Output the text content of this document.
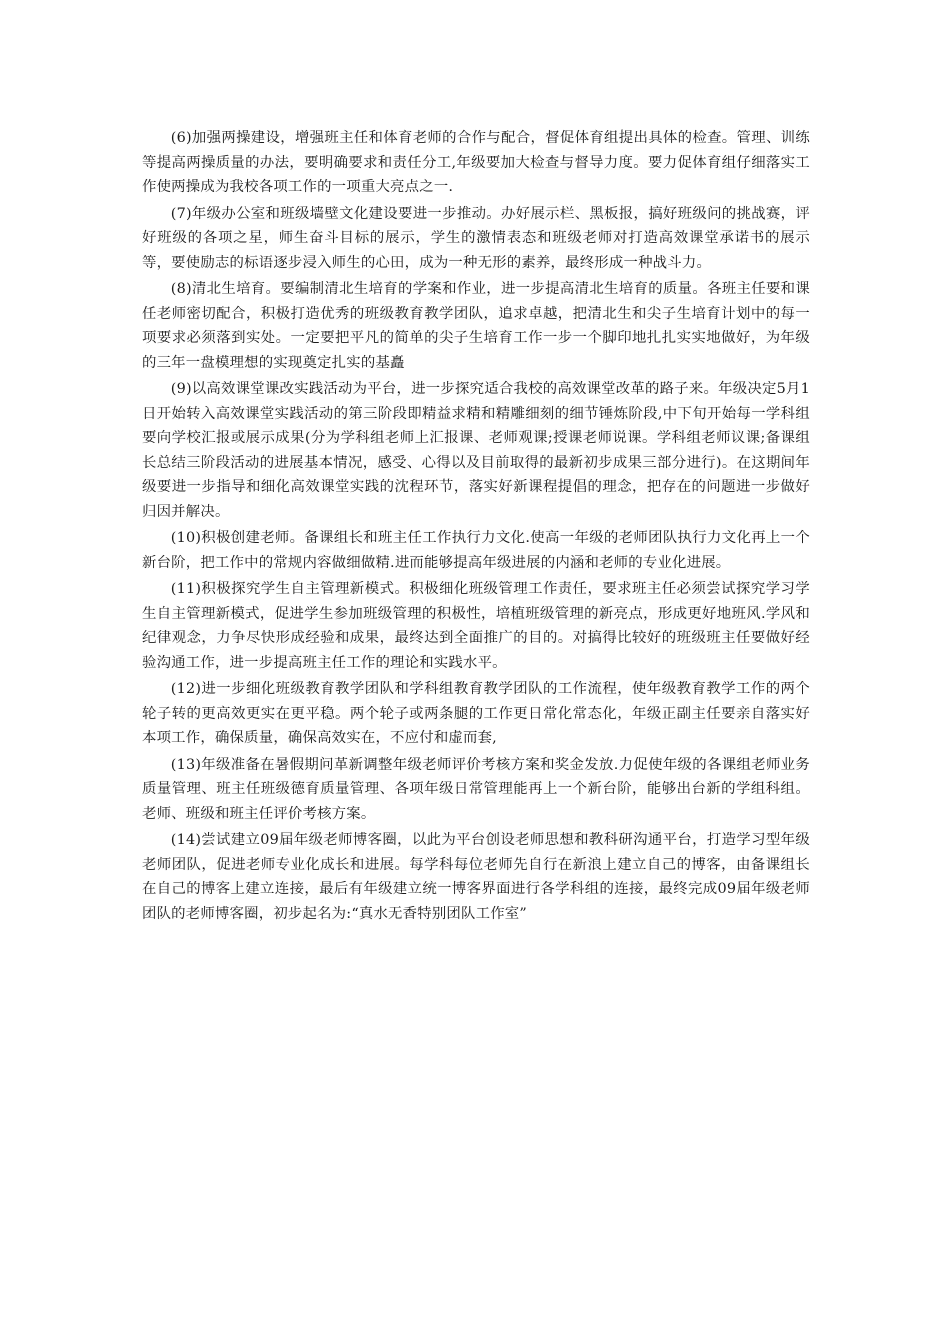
(6)加强两操建设，增强班主任和体育老师的合作与配合，督促体育组提出具体的检查。管理、训练等提高两操质量的办法，要明确要求和责任分工,年级要加大检查与督导力度。要力促体育组仔细落实工作使两操成为我校各项工作的一项重大亮点之一.

(7)年级办公室和班级墙壁文化建设要进一步推动。办好展示栏、黑板报，搞好班级问的挑战赛，评好班级的各项之星，师生奋斗目标的展示，学生的激情表态和班级老师对打造高效课堂承诺书的展示等，要使励志的标语逐步浸入师生的心田，成为一种无形的素养，最终形成一种战斗力。

(8)清北生培育。要编制清北生培育的学案和作业，进一步提高清北生培育的质量。各班主任要和课任老师密切配合，积极打造优秀的班级教育教学团队，追求卓越，把清北生和尖子生培育计划中的每一项要求必须落到实处。一定要把平凡的简单的尖子生培育工作一步一个脚印地扎扎实实地做好，为年级的三年一盘模理想的实现奠定扎实的基矗

(9)以高效课堂课改实践活动为平台，进一步探究适合我校的高效课堂改革的路子来。年级决定5月1日开始转入高效课堂实践活动的第三阶段即精益求精和精雕细刻的细节锤炼阶段,中下旬开始每一学科组要向学校汇报或展示成果(分为学科组老师上汇报课、老师观课;授课老师说课。学科组老师议课;备课组长总结三阶段活动的进展基本情况，感受、心得以及目前取得的最新初步成果三部分进行)。在这期间年级要进一步指导和细化高效课堂实践的沈程环节，落实好新课程提倡的理念，把存在的问题进一步做好归因并解决。

(10)积极创建老师。备课组长和班主任工作执行力文化.使高一年级的老师团队执行力文化再上一个新台阶，把工作中的常规内容做细做精.进而能够提高年级进展的内涵和老师的专业化进展。

(11)积极探究学生自主管理新模式。积极细化班级管理工作责任，要求班主任必须尝试探究学习学生自主管理新模式，促进学生参加班级管理的积极性，培植班级管理的新亮点，形成更好地班风.学风和纪律观念，力争尽快形成经验和成果，最终达到全面推广的目的。对搞得比较好的班级班主任要做好经验沟通工作，进一步提高班主任工作的理论和实践水平。

(12)进一步细化班级教育教学团队和学科组教育教学团队的工作流程，使年级教育教学工作的两个轮子转的更高效更实在更平稳。两个轮子或两条腿的工作更日常化常态化，年级正副主任要亲自落实好本项工作，确保质量，确保高效实在，不应付和虚而套,

(13)年级准备在暑假期问革新调整年级老师评价考核方案和奖金发放.力促使年级的各课组老师业务质量管理、班主任班级德育质量管理、各项年级日常管理能再上一个新台阶，能够出台新的学组科组。老师、班级和班主任评价考核方案。

(14)尝试建立09届年级老师博客圈，以此为平台创设老师思想和教科研沟通平台，打造学习型年级老师团队，促进老师专业化成长和进展。每学科每位老师先自行在新浪上建立自己的博客，由备课组长在自己的博客上建立连接，最后有年级建立统一博客界面进行各学科组的连接，最终完成09届年级老师团队的老师博客圈，初步起名为:“真水无香特别团队工作室”
